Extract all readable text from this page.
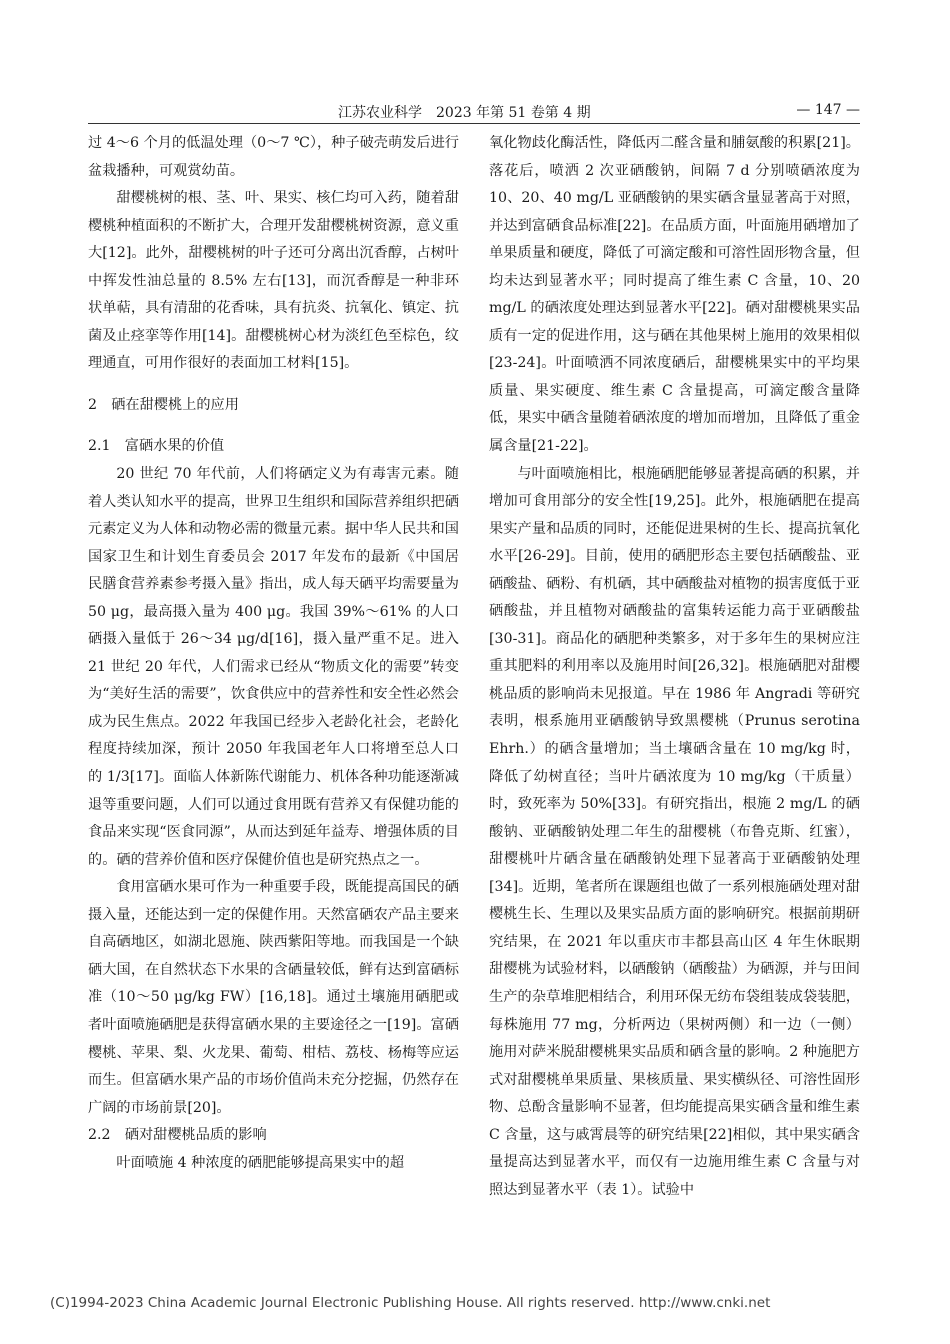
江苏农业科学　2023 年第 51 卷第 4 期	— 147 —

过 4～6 个月的低温处理（0～7 ℃），种子破壳萌发后进行盆栽播种，可观赏幼苗。

甜樱桃树的根、茎、叶、果实、核仁均可入药，随着甜樱桃种植面积的不断扩大，合理开发甜樱桃树资源，意义重大[12]。此外，甜樱桃树的叶子还可分离出沉香醇，占树叶中挥发性油总量的 8.5% 左右[13]，而沉香醇是一种非环状单萜，具有清甜的花香味，具有抗炎、抗氧化、镇定、抗菌及止痉挛等作用[14]。甜樱桃树心材为淡红色至棕色，纹理通直，可用作很好的表面加工材料[15]。

2　硒在甜樱桃上的应用

2.1　富硒水果的价值

20 世纪 70 年代前，人们将硒定义为有毒害元素。随着人类认知水平的提高，世界卫生组织和国际营养组织把硒元素定义为人体和动物必需的微量元素。据中华人民共和国国家卫生和计划生育委员会 2017 年发布的最新《中国居民膳食营养素参考摄入量》指出，成人每天硒平均需要量为 50 μg，最高摄入量为 400 μg。我国 39%～61% 的人口硒摄入量低于 26～34 μg/d[16]，摄入量严重不足。进入 21 世纪 20 年代，人们需求已经从“物质文化的需要”转变为“美好生活的需要”，饮食供应中的营养性和安全性必然会成为民生焦点。2022 年我国已经步入老龄化社会，老龄化程度持续加深，预计 2050 年我国老年人口将增至总人口的 1/3[17]。面临人体新陈代谢能力、机体各种功能逐渐减退等重要问题，人们可以通过食用既有营养又有保健功能的食品来实现“医食同源”，从而达到延年益寿、增强体质的目的。硒的营养价值和医疗保健价值也是研究热点之一。

食用富硒水果可作为一种重要手段，既能提高国民的硒摄入量，还能达到一定的保健作用。天然富硒农产品主要来自高硒地区，如湖北恩施、陕西紫阳等地。而我国是一个缺硒大国，在自然状态下水果的含硒量较低，鲜有达到富硒标准（10～50 μg/kg FW）[16,18]。通过土壤施用硒肥或者叶面喷施硒肥是获得富硒水果的主要途径之一[19]。富硒樱桃、苹果、梨、火龙果、葡萄、柑桔、荔枝、杨梅等应运而生。但富硒水果产品的市场价值尚未充分挖掘，仍然存在广阔的市场前景[20]。

2.2　硒对甜樱桃品质的影响

叶面喷施 4 种浓度的硒肥能够提高果实中的超

氧化物歧化酶活性，降低丙二醛含量和脯氨酸的积累[21]。落花后，喷洒 2 次亚硒酸钠，间隔 7 d 分别喷硒浓度为 10、20、40 mg/L 亚硒酸钠的果实硒含量显著高于对照，并达到富硒食品标准[22]。在品质方面，叶面施用硒增加了单果质量和硬度，降低了可滴定酸和可溶性固形物含量，但均未达到显著水平；同时提高了维生素 C 含量，10、20 mg/L 的硒浓度处理达到显著水平[22]。硒对甜樱桃果实品质有一定的促进作用，这与硒在其他果树上施用的效果相似[23-24]。叶面喷洒不同浓度硒后，甜樱桃果实中的平均果质量、果实硬度、维生素 C 含量提高，可滴定酸含量降低，果实中硒含量随着硒浓度的增加而增加，且降低了重金属含量[21-22]。

与叶面喷施相比，根施硒肥能够显著提高硒的积累，并增加可食用部分的安全性[19,25]。此外，根施硒肥在提高果实产量和品质的同时，还能促进果树的生长、提高抗氧化水平[26-29]。目前，使用的硒肥形态主要包括硒酸盐、亚硒酸盐、硒粉、有机硒，其中硒酸盐对植物的损害度低于亚硒酸盐，并且植物对硒酸盐的富集转运能力高于亚硒酸盐[30-31]。商品化的硒肥种类繁多，对于多年生的果树应注重其肥料的利用率以及施用时间[26,32]。根施硒肥对甜樱桃品质的影响尚未见报道。早在 1986 年 Angradi 等研究表明，根系施用亚硒酸钠导致黑樱桃（Prunus serotina Ehrh.）的硒含量增加；当土壤硒含量在 10 mg/kg 时，降低了幼树直径；当叶片硒浓度为 10 mg/kg（干质量）时，致死率为 50%[33]。有研究指出，根施 2 mg/L 的硒酸钠、亚硒酸钠处理二年生的甜樱桃（布鲁克斯、红蜜），甜樱桃叶片硒含量在硒酸钠处理下显著高于亚硒酸钠处理[34]。近期，笔者所在课题组也做了一系列根施硒处理对甜樱桃生长、生理以及果实品质方面的影响研究。根据前期研究结果，在 2021 年以重庆市丰都县高山区 4 年生休眠期甜樱桃为试验材料，以硒酸钠（硒酸盐）为硒源，并与田间生产的杂草堆肥相结合，利用环保无纺布袋组装成袋装肥，每株施用 77 mg，分析两边（果树两侧）和一边（一侧）施用对萨米脱甜樱桃果实品质和硒含量的影响。2 种施肥方式对甜樱桃单果质量、果核质量、果实横纵径、可溶性固形物、总酚含量影响不显著，但均能提高果实硒含量和维生素 C 含量，这与戚霄晨等的研究结果[22]相似，其中果实硒含量提高达到显著水平，而仅有一边施用维生素 C 含量与对照达到显著水平（表 1）。试验中

(C)1994-2023 China Academic Journal Electronic Publishing House. All rights reserved. http://www.cnki.net
